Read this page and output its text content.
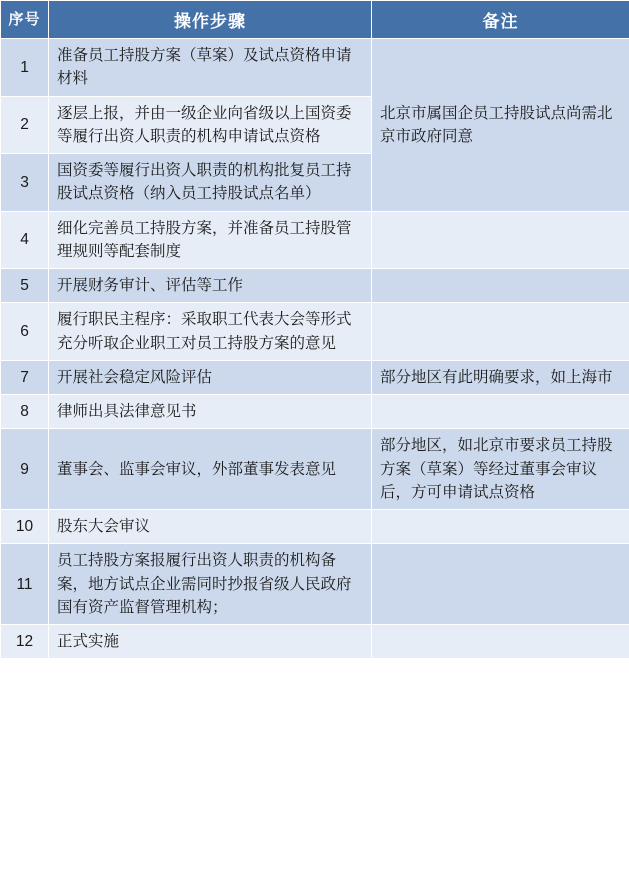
序号	操作步骤	备注
1	准备员工持股方案（草案）及试点资格申请材料	北京市属国企员工持股试点尚需北京市政府同意
2	逐层上报，并由一级企业向省级以上国资委等履行出资人职责的机构申请试点资格	
3	国资委等履行出资人职责的机构批复员工持股试点资格（纳入员工持股试点名单）	
4	细化完善员工持股方案，并准备员工持股管理规则等配套制度	
5	开展财务审计、评估等工作	
6	履行职民主程序：采取职工代表大会等形式充分听取企业职工对员工持股方案的意见	
7	开展社会稳定风险评估	部分地区有此明确要求，如上海市
8	律师出具法律意见书	
9	董事会、监事会审议，外部董事发表意见	部分地区，如北京市要求员工持股方案（草案）等经过董事会审议后，方可申请试点资格
10	股东大会审议	
11	员工持股方案报履行出资人职责的机构备案，地方试点企业需同时抄报省级人民政府国有资产监督管理机构；	
12	正式实施	
